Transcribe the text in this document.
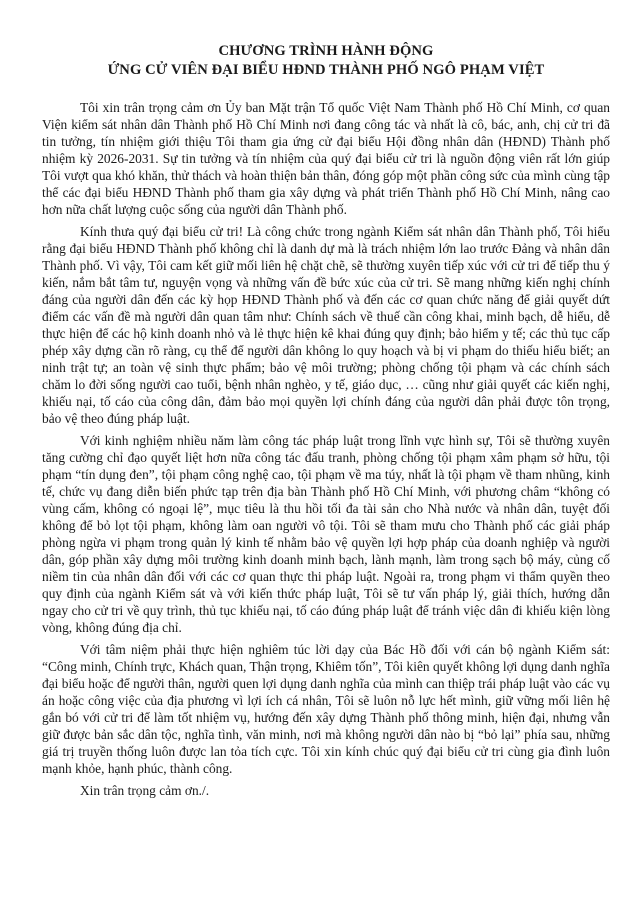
CHƯƠNG TRÌNH HÀNH ĐỘNG
ỨNG CỬ VIÊN ĐẠI BIỂU HĐND THÀNH PHỐ NGÔ PHẠM VIỆT

Tôi xin trân trọng cảm ơn Ủy ban Mặt trận Tổ quốc Việt Nam Thành phố Hồ Chí Minh, cơ quan Viện kiểm sát nhân dân Thành phố Hồ Chí Minh nơi đang công tác và nhất là cô, bác, anh, chị cử tri đã tin tưởng, tín nhiệm giới thiệu Tôi tham gia ứng cử đại biểu Hội đồng nhân dân (HĐND) Thành phố nhiệm kỳ 2026-2031. Sự tin tưởng và tín nhiệm của quý đại biểu cử tri là nguồn động viên rất lớn giúp Tôi vượt qua khó khăn, thử thách và hoàn thiện bản thân, đóng góp một phần công sức của mình cùng tập thể các đại biểu HĐND Thành phố tham gia xây dựng và phát triển Thành phố Hồ Chí Minh, nâng cao hơn nữa chất lượng cuộc sống của người dân Thành phố.

Kính thưa quý đại biểu cử tri! Là công chức trong ngành Kiểm sát nhân dân Thành phố, Tôi hiểu rằng đại biểu HĐND Thành phố không chỉ là danh dự mà là trách nhiệm lớn lao trước Đảng và nhân dân Thành phố. Vì vậy, Tôi cam kết giữ mối liên hệ chặt chẽ, sẽ thường xuyên tiếp xúc với cử tri để tiếp thu ý kiến, nắm bắt tâm tư, nguyện vọng và những vấn đề bức xúc của cử tri. Sẽ mang những kiến nghị chính đáng của người dân đến các kỳ họp HĐND Thành phố và đến các cơ quan chức năng để giải quyết dứt điểm các vấn đề mà người dân quan tâm như: Chính sách về thuế cần công khai, minh bạch, dễ hiểu, dễ thực hiện để các hộ kinh doanh nhỏ và lẻ thực hiện kê khai đúng quy định; bảo hiểm y tế; các thủ tục cấp phép xây dựng cần rõ ràng, cụ thể để người dân không lo quy hoạch và bị vi phạm do thiếu hiểu biết; an ninh trật tự; an toàn vệ sinh thực phẩm; bảo vệ môi trường; phòng chống tội phạm và các chính sách chăm lo đời sống người cao tuổi, bệnh nhân nghèo, y tế, giáo dục, … cũng như giải quyết các kiến nghị, khiếu nại, tố cáo của công dân, đảm bảo mọi quyền lợi chính đáng của người dân phải được tôn trọng, bảo vệ theo đúng pháp luật.

Với kinh nghiệm nhiều năm làm công tác pháp luật trong lĩnh vực hình sự, Tôi sẽ thường xuyên tăng cường chỉ đạo quyết liệt hơn nữa công tác đấu tranh, phòng chống tội phạm xâm phạm sở hữu, tội phạm “tín dụng đen”, tội phạm công nghệ cao, tội phạm về ma túy, nhất là tội phạm về tham nhũng, kinh tế, chức vụ đang diễn biến phức tạp trên địa bàn Thành phố Hồ Chí Minh, với phương châm “không có vùng cấm, không có ngoại lệ”, mục tiêu là thu hồi tối đa tài sản cho Nhà nước và nhân dân, tuyệt đối không để bỏ lọt tội phạm, không làm oan người vô tội. Tôi sẽ tham mưu cho Thành phố các giải pháp phòng ngừa vi phạm trong quản lý kinh tế nhằm bảo vệ quyền lợi hợp pháp của doanh nghiệp và người dân, góp phần xây dựng môi trường kinh doanh minh bạch, lành mạnh, làm trong sạch bộ máy, củng cố niềm tin của nhân dân đối với các cơ quan thực thi pháp luật. Ngoài ra, trong phạm vi thẩm quyền theo quy định của ngành Kiểm sát và với kiến thức pháp luật, Tôi sẽ tư vấn pháp lý, giải thích, hướng dẫn ngay cho cử tri về quy trình, thủ tục khiếu nại, tố cáo đúng pháp luật để tránh việc dân đi khiếu kiện lòng vòng, không đúng địa chỉ.

Với tâm niệm phải thực hiện nghiêm túc lời dạy của Bác Hồ đối với cán bộ ngành Kiểm sát: “Công minh, Chính trực, Khách quan, Thận trọng, Khiêm tốn”, Tôi kiên quyết không lợi dụng danh nghĩa đại biểu hoặc để người thân, người quen lợi dụng danh nghĩa của mình can thiệp trái pháp luật vào các vụ án hoặc công việc của địa phương vì lợi ích cá nhân, Tôi sẽ luôn nỗ lực hết mình, giữ vững mối liên hệ gắn bó với cử tri để làm tốt nhiệm vụ, hướng đến xây dựng Thành phố thông minh, hiện đại, nhưng vẫn giữ được bản sắc dân tộc, nghĩa tình, văn minh, nơi mà không người dân nào bị “bỏ lại” phía sau, những giá trị truyền thống luôn được lan tỏa tích cực. Tôi xin kính chúc quý đại biểu cử tri cùng gia đình luôn mạnh khỏe, hạnh phúc, thành công.

Xin trân trọng cảm ơn./.
